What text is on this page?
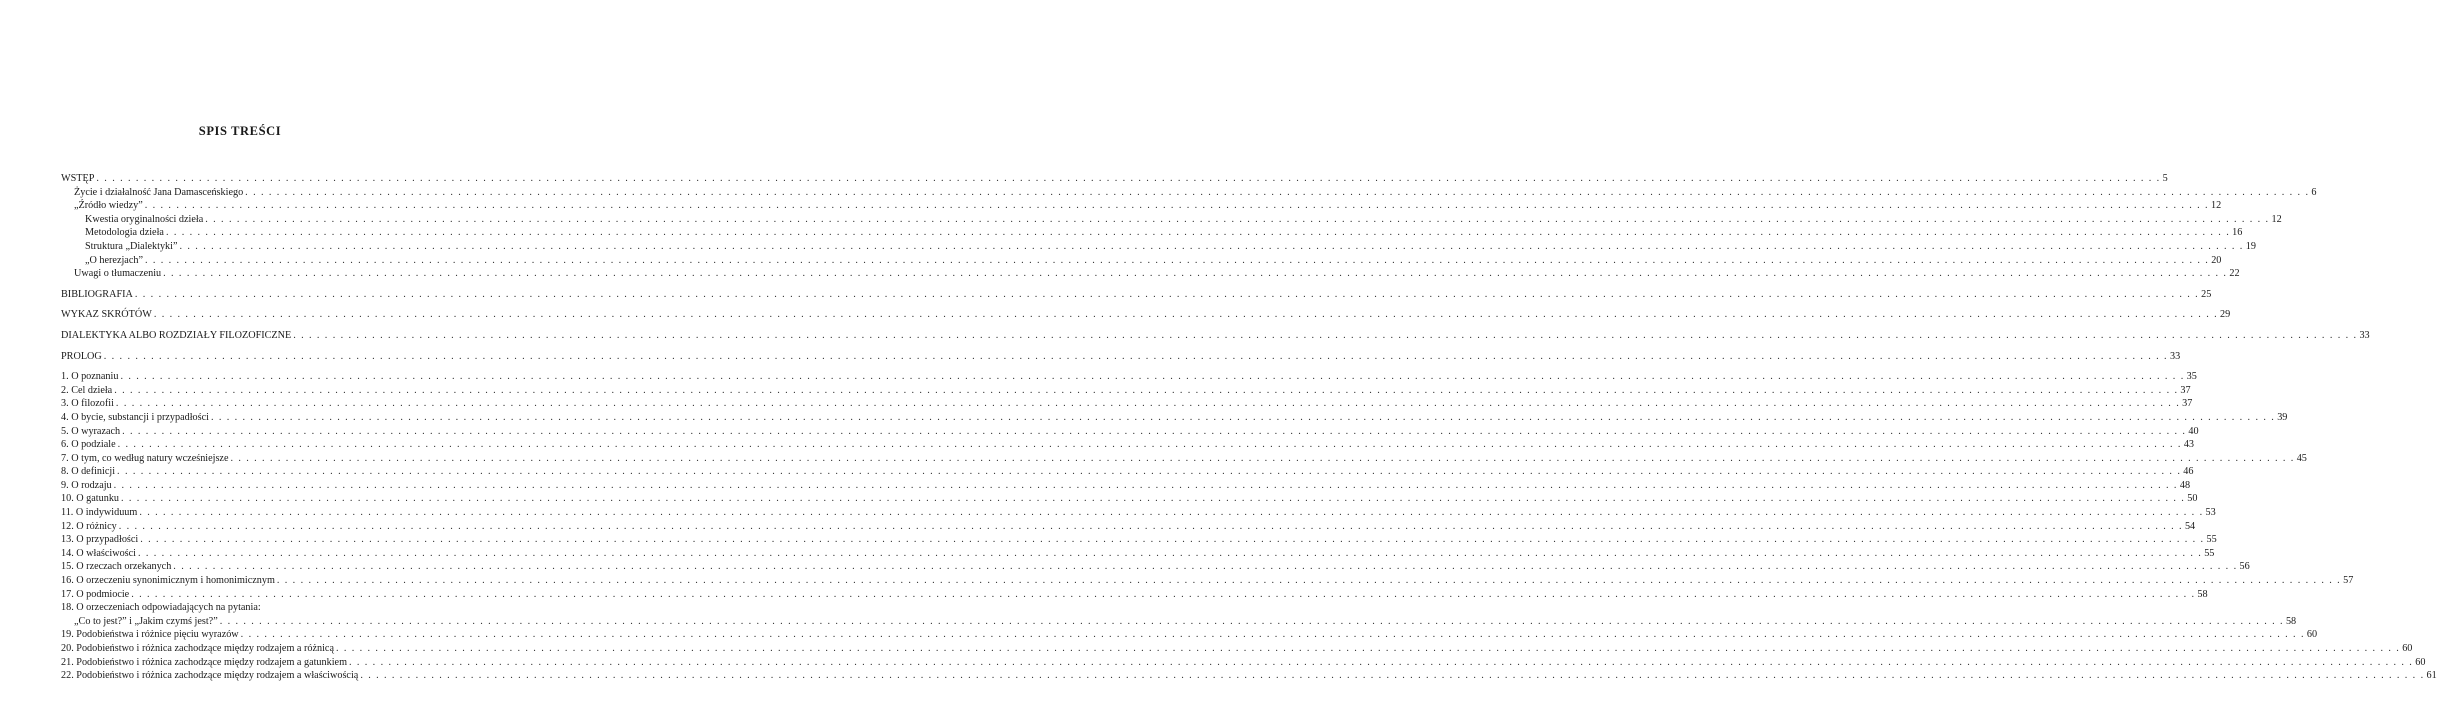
SPIS TREŚCI
WSTĘP . . .	5
Życie i działalność Jana Damasceńskiego . . .	6
„Źródło wiedzy” . . .	12
Kwestia oryginalności dzieła . . .	12
Metodologia dzieła . . .	16
Struktura „Dialektyki” . . .	19
„O herezjach” . . .	20
Uwagi o tłumaczeniu . . .	22
BIBLIOGRAFIA . . .	25
WYKAZ SKRÓTÓW . . .	29
DIALEKTYKA ALBO ROZDZIAŁY FILOZOFICZNE . . .	33
PROLOG . . .	33
1. O poznaniu . . .	35
2. Cel dzieła . . .	37
3. O filozofii . . .	37
4. O bycie, substancji i przypadłości . . .	39
5. O wyrazach . . .	40
6. O podziale . . .	43
7. O tym, co według natury wcześniejsze . . .	45
8. O definicji . . .	46
9. O rodzaju . . .	48
10. O gatunku . . .	50
11. O indywiduum . . .	53
12. O różnicy . . .	54
13. O przypadłości . . .	55
14. O właściwości . . .	55
15. O rzeczach orzekanych . . .	56
16. O orzeczeniu synonimicznym i homonimicznym . . .	57
17. O podmiocie . . .	58
18. O orzeczeniach odpowiadających na pytania:
„Co to jest?” i „Jakim czymś jest?” . . .	58
19. Podobieństwa i różnice pięciu wyrazów . . .	60
20. Podobieństwo i różnica zachodzące między rodzajem a różnicą . . .	60
21. Podobieństwo i różnica zachodzące między rodzajem a gatunkiem . . .	60
22. Podobieństwo i różnica zachodzące między rodzajem a właściwością . . .	61
